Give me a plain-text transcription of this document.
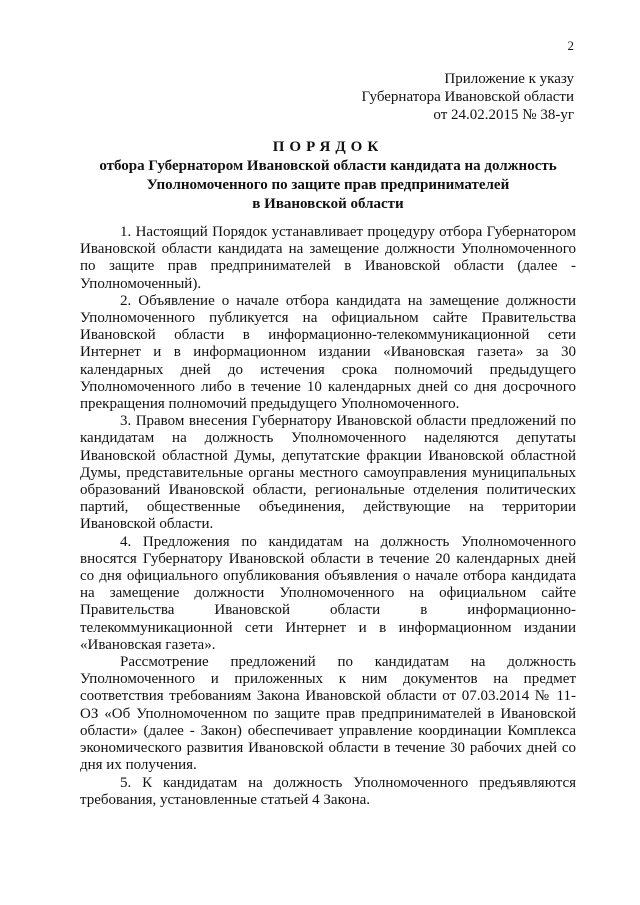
2
Приложение к указу
Губернатора Ивановской области
от 24.02.2015 № 38-уг
ПОРЯДОК
отбора Губернатором Ивановской области кандидата на должность
Уполномоченного по защите прав предпринимателей
в Ивановской области

1. Настоящий Порядок устанавливает процедуру отбора Губернатором Ивановской области кандидата на замещение должности Уполномоченного по защите прав предпринимателей в Ивановской области (далее - Уполномоченный).

2. Объявление о начале отбора кандидата на замещение должности Уполномоченного публикуется на официальном сайте Правительства Ивановской области в информационно-телекоммуникационной сети Интернет и в информационном издании «Ивановская газета» за 30 календарных дней до истечения срока полномочий предыдущего Уполномоченного либо в течение 10 календарных дней со дня досрочного прекращения полномочий предыдущего Уполномоченного.

3. Правом внесения Губернатору Ивановской области предложений по кандидатам на должность Уполномоченного наделяются депутаты Ивановской областной Думы, депутатские фракции Ивановской областной Думы, представительные органы местного самоуправления муниципальных образований Ивановской области, региональные отделения политических партий, общественные объединения, действующие на территории Ивановской области.

4. Предложения по кандидатам на должность Уполномоченного вносятся Губернатору Ивановской области в течение 20 календарных дней со дня официального опубликования объявления о начале отбора кандидата на замещение должности Уполномоченного на официальном сайте Правительства Ивановской области в информационно-телекоммуникационной сети Интернет и в информационном издании «Ивановская газета».

Рассмотрение предложений по кандидатам на должность Уполномоченного и приложенных к ним документов на предмет соответствия требованиям Закона Ивановской области от 07.03.2014 № 11-ОЗ «Об Уполномоченном по защите прав предпринимателей в Ивановской области» (далее - Закон) обеспечивает управление координации Комплекса экономического развития Ивановской области в течение 30 рабочих дней со дня их получения.

5. К кандидатам на должность Уполномоченного предъявляются требования, установленные статьей 4 Закона.
